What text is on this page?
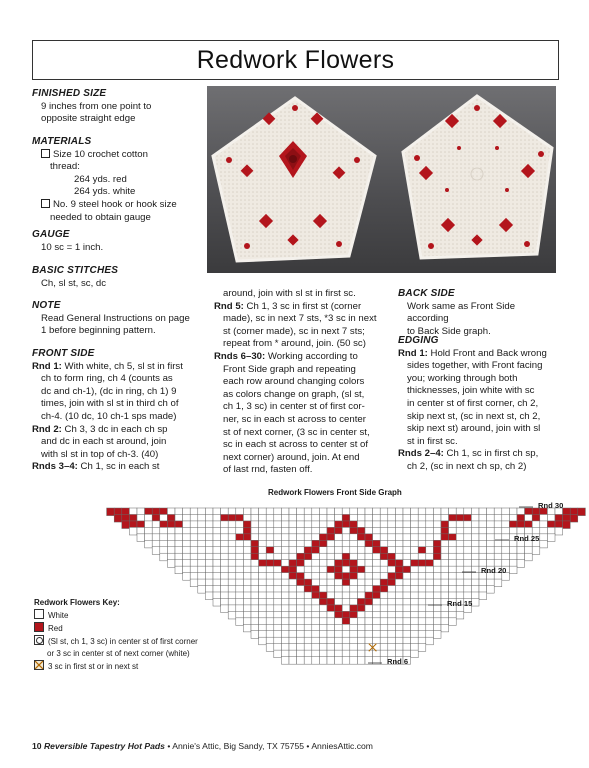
Redwork Flowers
FINISHED SIZE
9 inches from one point to
opposite straight edge
MATERIALS
Size 10 crochet cotton
thread:
264 yds. red
264 yds. white
No. 9 steel hook or hook size
needed to obtain gauge
GAUGE
10 sc = 1 inch.
BASIC STITCHES
Ch, sl st, sc, dc
NOTE
Read General Instructions on page
1 before beginning pattern.
FRONT SIDE
Rnd 1: With white, ch 5, sl st in first
ch to form ring, ch 4 (counts as
dc and ch-1), (dc in ring, ch 1) 9
times, join with sl st in third ch of
ch-4. (10 dc, 10 ch-1 sps made)
Rnd 2: Ch 3, 3 dc in each ch sp
and dc in each st around, join
with sl st in top of ch-3. (40)
Rnds 3–4: Ch 1, sc in each st
around, join with sl st in first sc.
Rnd 5: Ch 1, 3 sc in first st (corner
made), sc in next 7 sts, *3 sc in next
st (corner made), sc in next 7 sts;
repeat from * around, join. (50 sc)
Rnds 6–30: Working according to
Front Side graph and repeating
each row around changing colors
as colors change on graph, (sl st,
ch 1, 3 sc) in center st of first cor-
ner, sc in each st across to center
st of next corner, (3 sc in center st,
sc in each st across to center st of
next corner) around, join. At end
of last rnd, fasten off.
BACK SIDE
Work same as Front Side according
to Back Side graph.
EDGING
Rnd 1: Hold Front and Back wrong
sides together, with Front facing
you; working through both
thicknesses, join white with sc
in center st of first corner, ch 2,
skip next st, (sc in next st, ch 2,
skip next st) around, join with sl
st in first sc.
Rnds 2–4: Ch 1, sc in first ch sp,
ch 2, (sc in next ch sp, ch 2)
Redwork Flowers Front Side Graph
Rnd 30
Rnd 25
Rnd 20
Rnd 15
Rnd 6
Redwork Flowers Key:
White
Red
(Sl st, ch 1, 3 sc) in center st of first corner
or 3 sc in center st of next corner (white)
3 sc in first st or in next st
10 Reversible Tapestry Hot Pads • Annie's Attic, Big Sandy, TX 75755 • AnniesAttic.com
